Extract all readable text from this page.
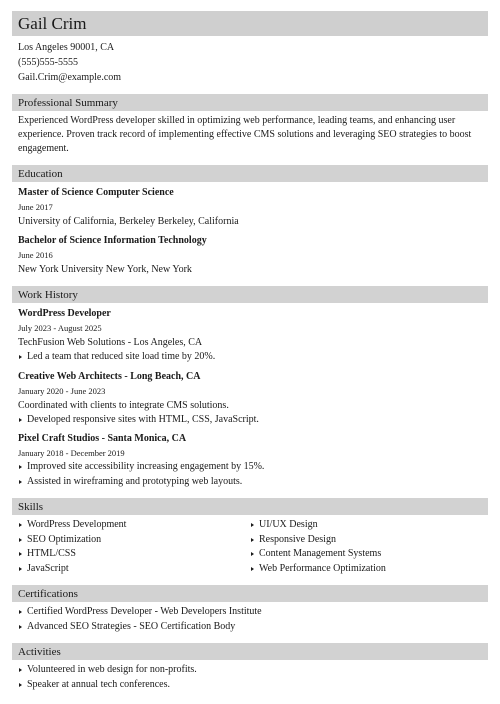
Gail Crim
Los Angeles 90001, CA
(555)555-5555
Gail.Crim@example.com
Professional Summary
Experienced WordPress developer skilled in optimizing web performance, leading teams, and enhancing user experience. Proven track record of implementing effective CMS solutions and leveraging SEO strategies to boost engagement.
Education
Master of Science Computer Science
June 2017
University of California, Berkeley Berkeley, California
Bachelor of Science Information Technology
June 2016
New York University New York, New York
Work History
WordPress Developer
July 2023 - August 2025
TechFusion Web Solutions - Los Angeles, CA
Led a team that reduced site load time by 20%.
Creative Web Architects - Long Beach, CA
January 2020 - June 2023
Coordinated with clients to integrate CMS solutions.
Developed responsive sites with HTML, CSS, JavaScript.
Pixel Craft Studios - Santa Monica, CA
January 2018 - December 2019
Improved site accessibility increasing engagement by 15%.
Assisted in wireframing and prototyping web layouts.
Skills
WordPress Development
SEO Optimization
HTML/CSS
JavaScript
UI/UX Design
Responsive Design
Content Management Systems
Web Performance Optimization
Certifications
Certified WordPress Developer - Web Developers Institute
Advanced SEO Strategies - SEO Certification Body
Activities
Volunteered in web design for non-profits.
Speaker at annual tech conferences.
